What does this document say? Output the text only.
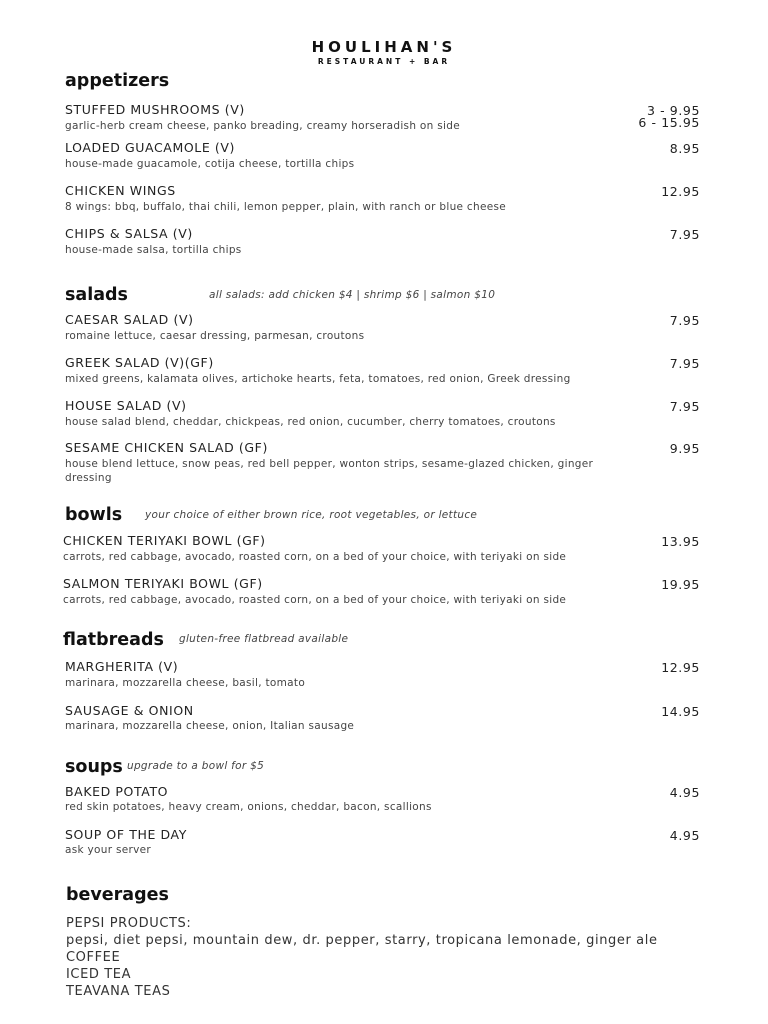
HOULIHAN'S
RESTAURANT + BAR
appetizers
STUFFED MUSHROOMS (V)
garlic-herb cream cheese, panko breading, creamy horseradish on side
3 - 9.95
6 - 15.95
LOADED GUACAMOLE (V)
house-made guacamole, cotija cheese, tortilla chips
8.95
CHICKEN WINGS
8 wings: bbq, buffalo, thai chili, lemon pepper, plain, with ranch or blue cheese
12.95
CHIPS & SALSA (V)
house-made salsa, tortilla chips
7.95
salads	all salads: add chicken $4 | shrimp $6 | salmon $10
CAESAR SALAD (V)
romaine lettuce, caesar dressing, parmesan, croutons
7.95
GREEK SALAD (V)(GF)
mixed greens, kalamata olives, artichoke hearts, feta, tomatoes, red onion, Greek dressing
7.95
HOUSE SALAD (V)
house salad blend, cheddar, chickpeas, red onion, cucumber, cherry tomatoes, croutons
7.95
SESAME CHICKEN SALAD (GF)
house blend lettuce, snow peas, red bell pepper, wonton strips, sesame-glazed chicken, ginger dressing
9.95
bowls your choice of either brown rice, root vegetables, or lettuce
CHICKEN TERIYAKI BOWL (GF)
carrots, red cabbage, avocado, roasted corn, on a bed of your choice, with teriyaki on side
13.95
SALMON TERIYAKI BOWL (GF)
carrots, red cabbage, avocado, roasted corn, on a bed of your choice, with teriyaki on side
19.95
flatbreads gluten-free flatbread available
MARGHERITA (V)
marinara, mozzarella cheese, basil, tomato
12.95
SAUSAGE & ONION
marinara, mozzarella cheese, onion, Italian sausage
14.95
soups upgrade to a bowl for $5
BAKED POTATO
red skin potatoes, heavy cream, onions, cheddar, bacon, scallions
4.95
SOUP OF THE DAY
ask your server
4.95
beverages
PEPSI PRODUCTS:
pepsi, diet pepsi, mountain dew, dr. pepper, starry, tropicana lemonade, ginger ale
COFFEE
ICED TEA
TEAVANA TEAS
